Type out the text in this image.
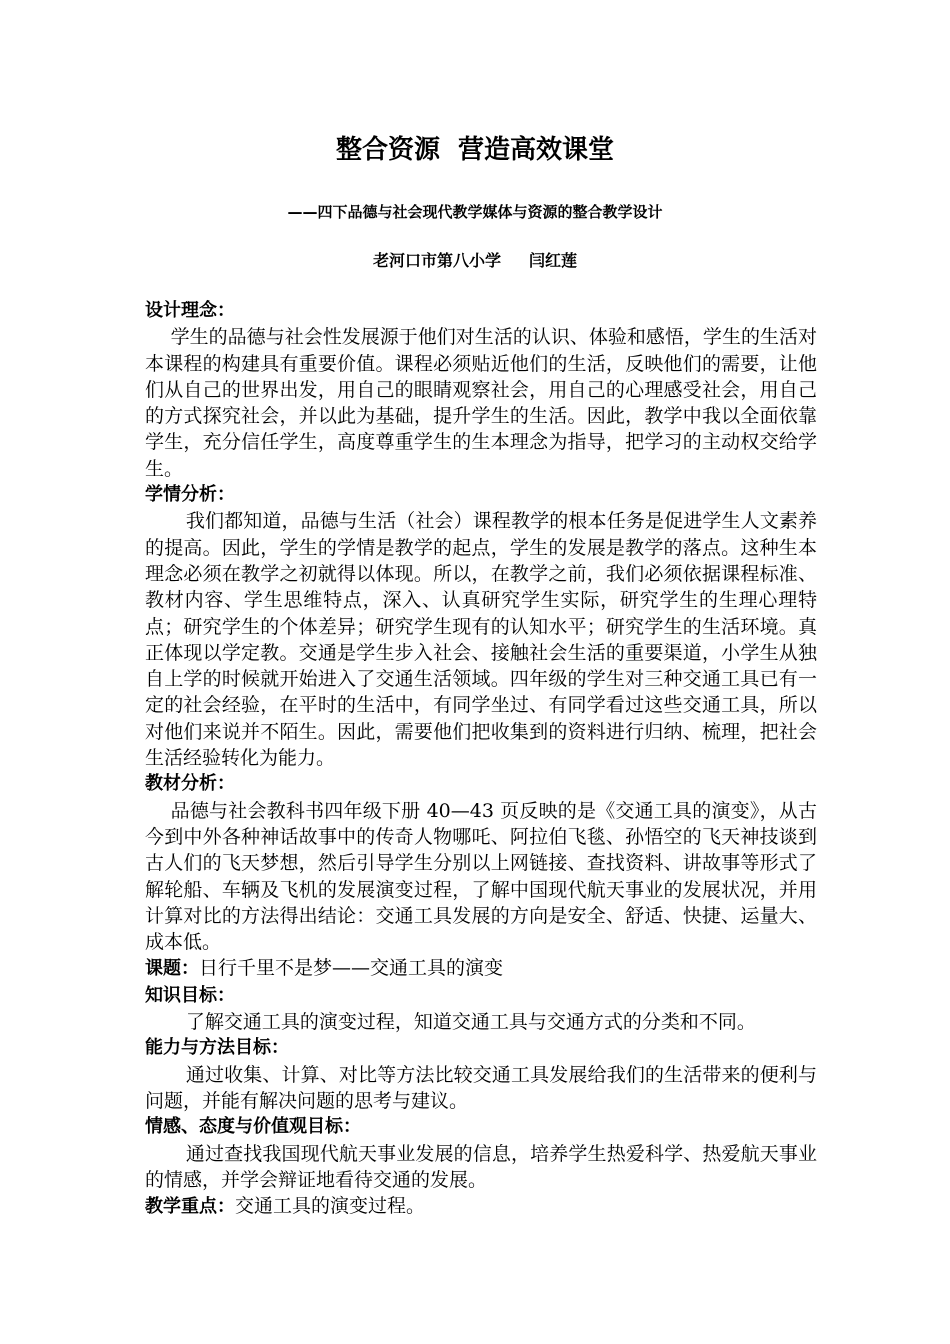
整合资源  营造高效课堂
——四下品德与社会现代教学媒体与资源的整合教学设计
老河口市第八小学 闫红莲

设计理念：

学生的品德与社会性发展源于他们对生活的认识、体验和感悟，学生的生活对本课程的构建具有重要价值。课程必须贴近他们的生活，反映他们的需要，让他们从自己的世界出发，用自己的眼睛观察社会，用自己的心理感受社会，用自己的方式探究社会，并以此为基础，提升学生的生活。因此，教学中我以全面依靠学生，充分信任学生，高度尊重学生的生本理念为指导，把学习的主动权交给学生。

学情分析：

我们都知道，品德与生活（社会）课程教学的根本任务是促进学生人文素养的提高。因此，学生的学情是教学的起点，学生的发展是教学的落点。这种生本理念必须在教学之初就得以体现。所以，在教学之前，我们必须依据课程标准、教材内容、学生思维特点，深入、认真研究学生实际，研究学生的生理心理特点；研究学生的个体差异；研究学生现有的认知水平；研究学生的生活环境。真正体现以学定教。交通是学生步入社会、接触社会生活的重要渠道，小学生从独自上学的时候就开始进入了交通生活领域。四年级的学生对三种交通工具已有一定的社会经验，在平时的生活中，有同学坐过、有同学看过这些交通工具，所以对他们来说并不陌生。因此，需要他们把收集到的资料进行归纳、梳理，把社会生活经验转化为能力。

教材分析：

品德与社会教科书四年级下册 40—43 页反映的是《交通工具的演变》，从古今到中外各种神话故事中的传奇人物哪吒、阿拉伯飞毯、孙悟空的飞天神技谈到古人们的飞天梦想，然后引导学生分别以上网链接、查找资料、讲故事等形式了解轮船、车辆及飞机的发展演变过程，了解中国现代航天事业的发展状况，并用计算对比的方法得出结论：交通工具发展的方向是安全、舒适、快捷、运量大、成本低。

课题：日行千里不是梦——交通工具的演变

知识目标：

了解交通工具的演变过程，知道交通工具与交通方式的分类和不同。

能力与方法目标：

通过收集、计算、对比等方法比较交通工具发展给我们的生活带来的便利与问题，并能有解决问题的思考与建议。

情感、态度与价值观目标：

通过查找我国现代航天事业发展的信息，培养学生热爱科学、热爱航天事业的情感，并学会辩证地看待交通的发展。

教学重点：交通工具的演变过程。
